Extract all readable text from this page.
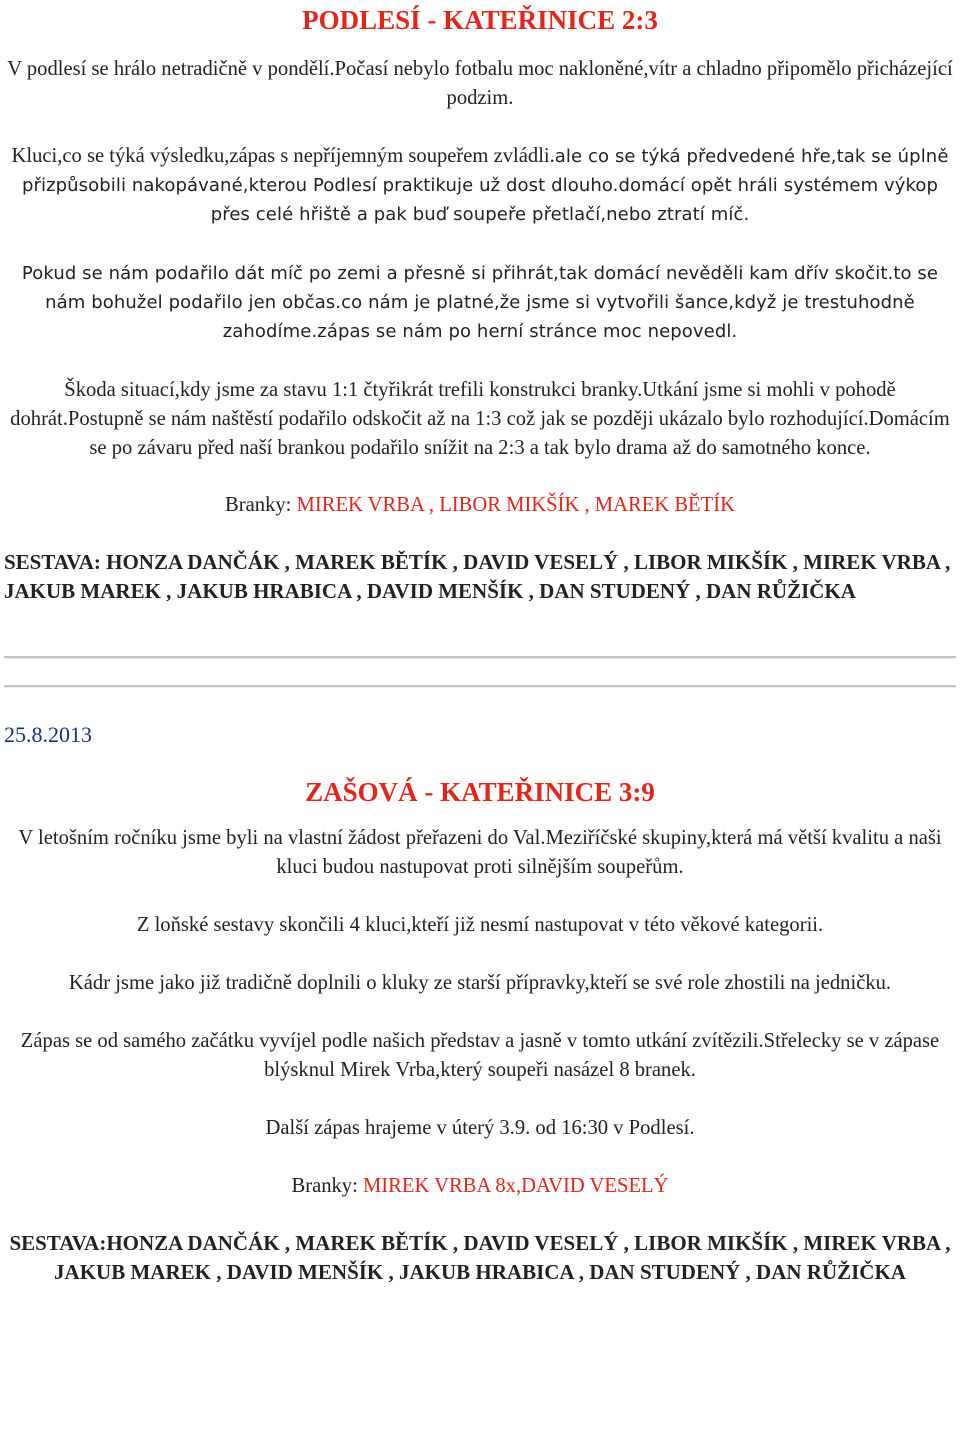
PODLESÍ - KATEŘINICE 2:3

V podlesí se hrálo netradičně v pondělí.Počasí nebylo fotbalu moc nakloněné,vítr a chladno připomělo přicházející podzim.

Kluci,co se týká výsledku,zápas s nepříjemným soupeřem zvládli.ale co se týká předvedené hře,tak se úplně přizpůsobili nakopávané,kterou Podlesí praktikuje už dost dlouho.domácí opět hráli systémem výkop přes celé hřiště a pak buď soupeře přetlačí,nebo ztratí míč.

Pokud se nám podařilo dát míč po zemi a přesně si přihrát,tak domácí nevěděli kam dřív skočit.to se nám bohužel podařilo jen občas.co nám je platné,že jsme si vytvořili šance,když je trestuhodně zahodíme.zápas se nám po herní stránce moc nepovedl.

Škoda situací,kdy jsme za stavu 1:1 čtyřikrát trefili konstrukci branky.Utkání jsme si mohli v pohodě dohrát.Postupně se nám naštěstí podařilo odskočit až na 1:3 což jak se později ukázalo bylo rozhodující.Domácím se po závaru před naší brankou podařilo snížit na 2:3 a tak bylo drama až do samotného konce.

Branky: MIREK VRBA , LIBOR MIKŠÍK , MAREK BĚTÍK

SESTAVA: HONZA DANČÁK , MAREK BĚTÍK , DAVID VESELÝ , LIBOR MIKŠÍK , MIREK VRBA , JAKUB MAREK , JAKUB HRABICA , DAVID MENŠÍK , DAN STUDENÝ , DAN RŮŽIČKA

25.8.2013

ZAŠOVÁ - KATEŘINICE 3:9

V letošním ročníku jsme byli na vlastní žádost přeřazeni do Val.Meziříčské skupiny,která má větší kvalitu a naši kluci budou nastupovat proti silnějším soupeřům.

Z loňské sestavy skončili 4 kluci,kteří již nesmí nastupovat v této věkové kategorii.

Kádr jsme jako již tradičně doplnili o kluky ze starší přípravky,kteří se své role zhostili na jedničku.

Zápas se od samého začátku vyvíjel podle našich představ a jasně v tomto utkání zvítězili.Střelecky se v zápase blýsknul Mirek Vrba,který soupeři nasázel 8 branek.

Další zápas hrajeme v úterý 3.9. od 16:30 v Podlesí.

Branky: MIREK VRBA 8x,DAVID VESELÝ

SESTAVA:HONZA DANČÁK , MAREK BĚTÍK , DAVID VESELÝ , LIBOR MIKŠÍK , MIREK VRBA , JAKUB MAREK , DAVID MENŠÍK , JAKUB HRABICA , DAN STUDENÝ , DAN RŮŽIČKA
